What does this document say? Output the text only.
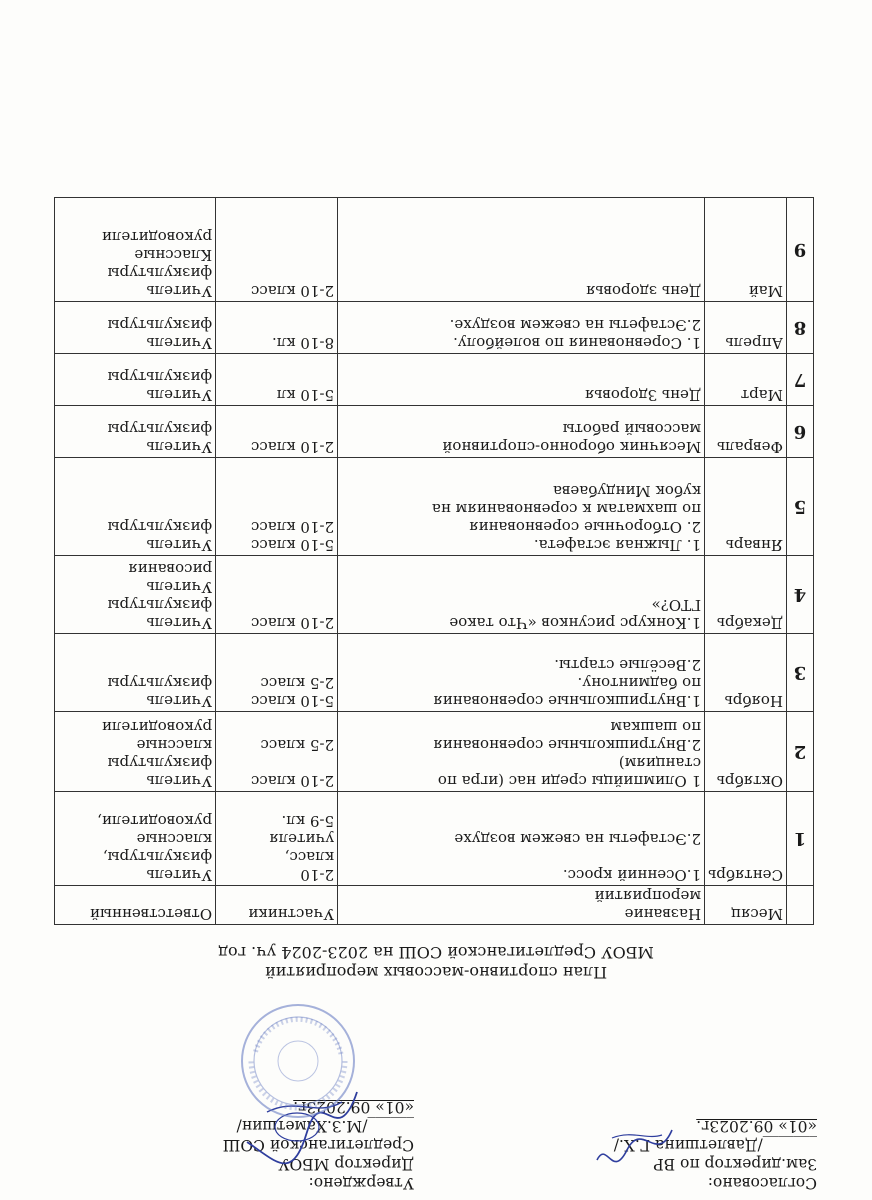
Согласовано:
Зам.директор по ВР
_______/Давлетшина Г.Х./
«01» 09.2023г.
Утверждено:
Директор МБОУ
Средлетиганской СОШ
______/М.З.Хаметшин/
«01» 09.2023г.
План спортивно-массовых мероприятий
МБОУ Средлетиганской СОШ на 2023-2024 уч. год
	Месяц	Название
мероприятий	Участники	Ответственный
1	Сентябрь	1.Осенний кросс.

2.Эстафеты на свежем воздухе	2-10
класс,
учителя
5-9 кл.	Учитель
физкультуры,
классные
руководители,

2	Октябрь	1 Олимпийцы среди нас (игра по
станциям)
2.Внутришкольные соревнования
по шашкам	2-10 класс

2-5 класс	Учитель
физкультуры
классные
руководители

3	Ноябрь	1.Внутришкольные соревнования
по бадминтону.
2.Весёлые старты.	5-10 класс
2-5 класс	Учитель
физкультуры

4	Декабрь	1.Конкурс рисунков «Что такое
ГТО?»	2-10 класс	Учитель
физкультуры
Учитель рисования

5	Январь	1. Лыжная эстафета.
2. Отборочные соревнования
по шахматам к соревнованиям на
кубок Миндубаева	5-10 класс
2-10 класс	Учитель
физкультуры

6	Февраль	Месячник оборонно-спортивной
массовый работы	2-10 класс	Учитель
физкультуры

7	Март	День Здоровья	5-10 кл	Учитель
физкультуры

8	Апрель	1. Соревнования по волейболу.
2.Эстафеты на свежем воздухе.	8-10 кл.	Учитель
физкультуры

9	Май	День здоровья	2-10 класс	Учитель
физкультуры
Классные
руководители
